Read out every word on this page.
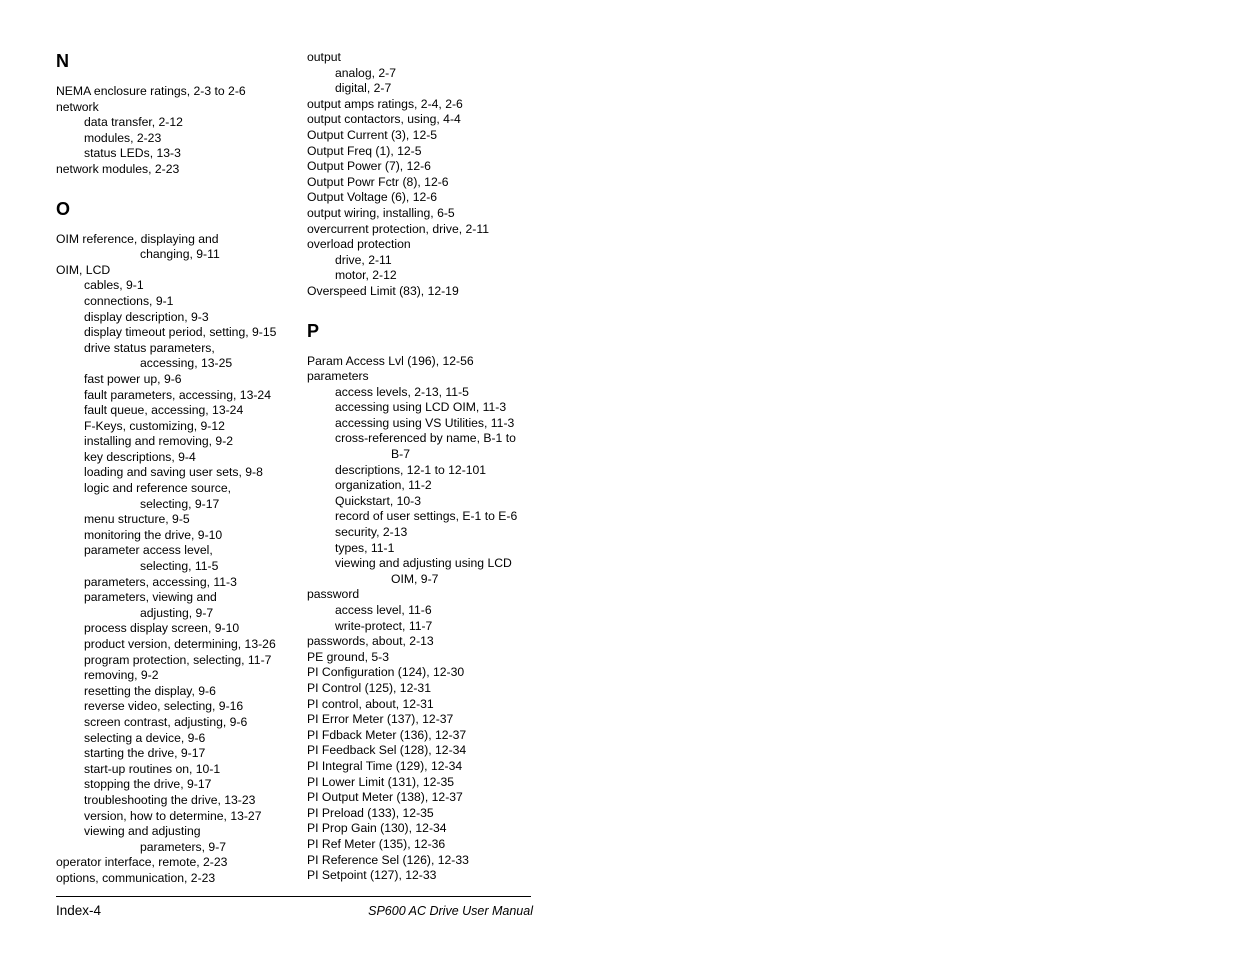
N
NEMA enclosure ratings, 2-3 to 2-6
network
data transfer, 2-12
modules, 2-23
status LEDs, 13-3
network modules, 2-23
O
OIM reference, displaying and
changing, 9-11
OIM, LCD
cables, 9-1
connections, 9-1
display description, 9-3
display timeout period, setting, 9-15
drive status parameters,
accessing, 13-25
fast power up, 9-6
fault parameters, accessing, 13-24
fault queue, accessing, 13-24
F-Keys, customizing, 9-12
installing and removing, 9-2
key descriptions, 9-4
loading and saving user sets, 9-8
logic and reference source,
selecting, 9-17
menu structure, 9-5
monitoring the drive, 9-10
parameter access level,
selecting, 11-5
parameters, accessing, 11-3
parameters, viewing and
adjusting, 9-7
process display screen, 9-10
product version, determining, 13-26
program protection, selecting, 11-7
removing, 9-2
resetting the display, 9-6
reverse video, selecting, 9-16
screen contrast, adjusting, 9-6
selecting a device, 9-6
starting the drive, 9-17
start-up routines on, 10-1
stopping the drive, 9-17
troubleshooting the drive, 13-23
version, how to determine, 13-27
viewing and adjusting
parameters, 9-7
operator interface, remote, 2-23
options, communication, 2-23
output
analog, 2-7
digital, 2-7
output amps ratings, 2-4, 2-6
output contactors, using, 4-4
Output Current (3), 12-5
Output Freq (1), 12-5
Output Power (7), 12-6
Output Powr Fctr (8), 12-6
Output Voltage (6), 12-6
output wiring, installing, 6-5
overcurrent protection, drive, 2-11
overload protection
drive, 2-11
motor, 2-12
Overspeed Limit (83), 12-19
P
Param Access Lvl (196), 12-56
parameters
access levels, 2-13, 11-5
accessing using LCD OIM, 11-3
accessing using VS Utilities, 11-3
cross-referenced by name, B-1 to
B-7
descriptions, 12-1 to 12-101
organization, 11-2
Quickstart, 10-3
record of user settings, E-1 to E-6
security, 2-13
types, 11-1
viewing and adjusting using LCD
OIM, 9-7
password
access level, 11-6
write-protect, 11-7
passwords, about, 2-13
PE ground, 5-3
PI Configuration (124), 12-30
PI Control (125), 12-31
PI control, about, 12-31
PI Error Meter (137), 12-37
PI Fdback Meter (136), 12-37
PI Feedback Sel (128), 12-34
PI Integral Time (129), 12-34
PI Lower Limit (131), 12-35
PI Output Meter (138), 12-37
PI Preload (133), 12-35
PI Prop Gain (130), 12-34
PI Ref Meter (135), 12-36
PI Reference Sel (126), 12-33
PI Setpoint (127), 12-33
Index-4	SP600 AC Drive User Manual
